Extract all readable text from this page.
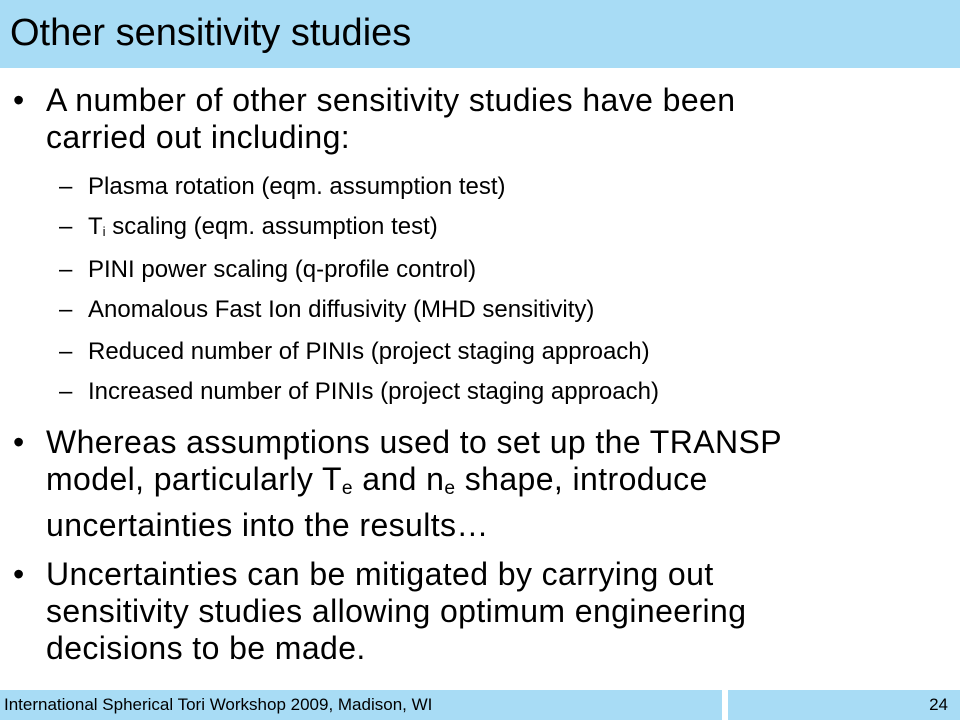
Other sensitivity studies
• A number of other sensitivity studies have been
carried out including:
– Plasma rotation (eqm. assumption test)
– $T_i$ scaling (eqm. assumption test)
– PINI power scaling (q-profile control)
– Anomalous Fast Ion diffusivity (MHD sensitivity)
– Reduced number of PINIs (project staging approach)
– Increased number of PINIs (project staging approach)
• Whereas assumptions used to set up the TRANSP
model, particularly $T_e$ and $n_e$ shape, introduce
uncertainties into the results…
• Uncertainties can be mitigated by carrying out
sensitivity studies allowing optimum engineering
decisions to be made.
International Spherical Tori Workshop 2009, Madison, WI	24
